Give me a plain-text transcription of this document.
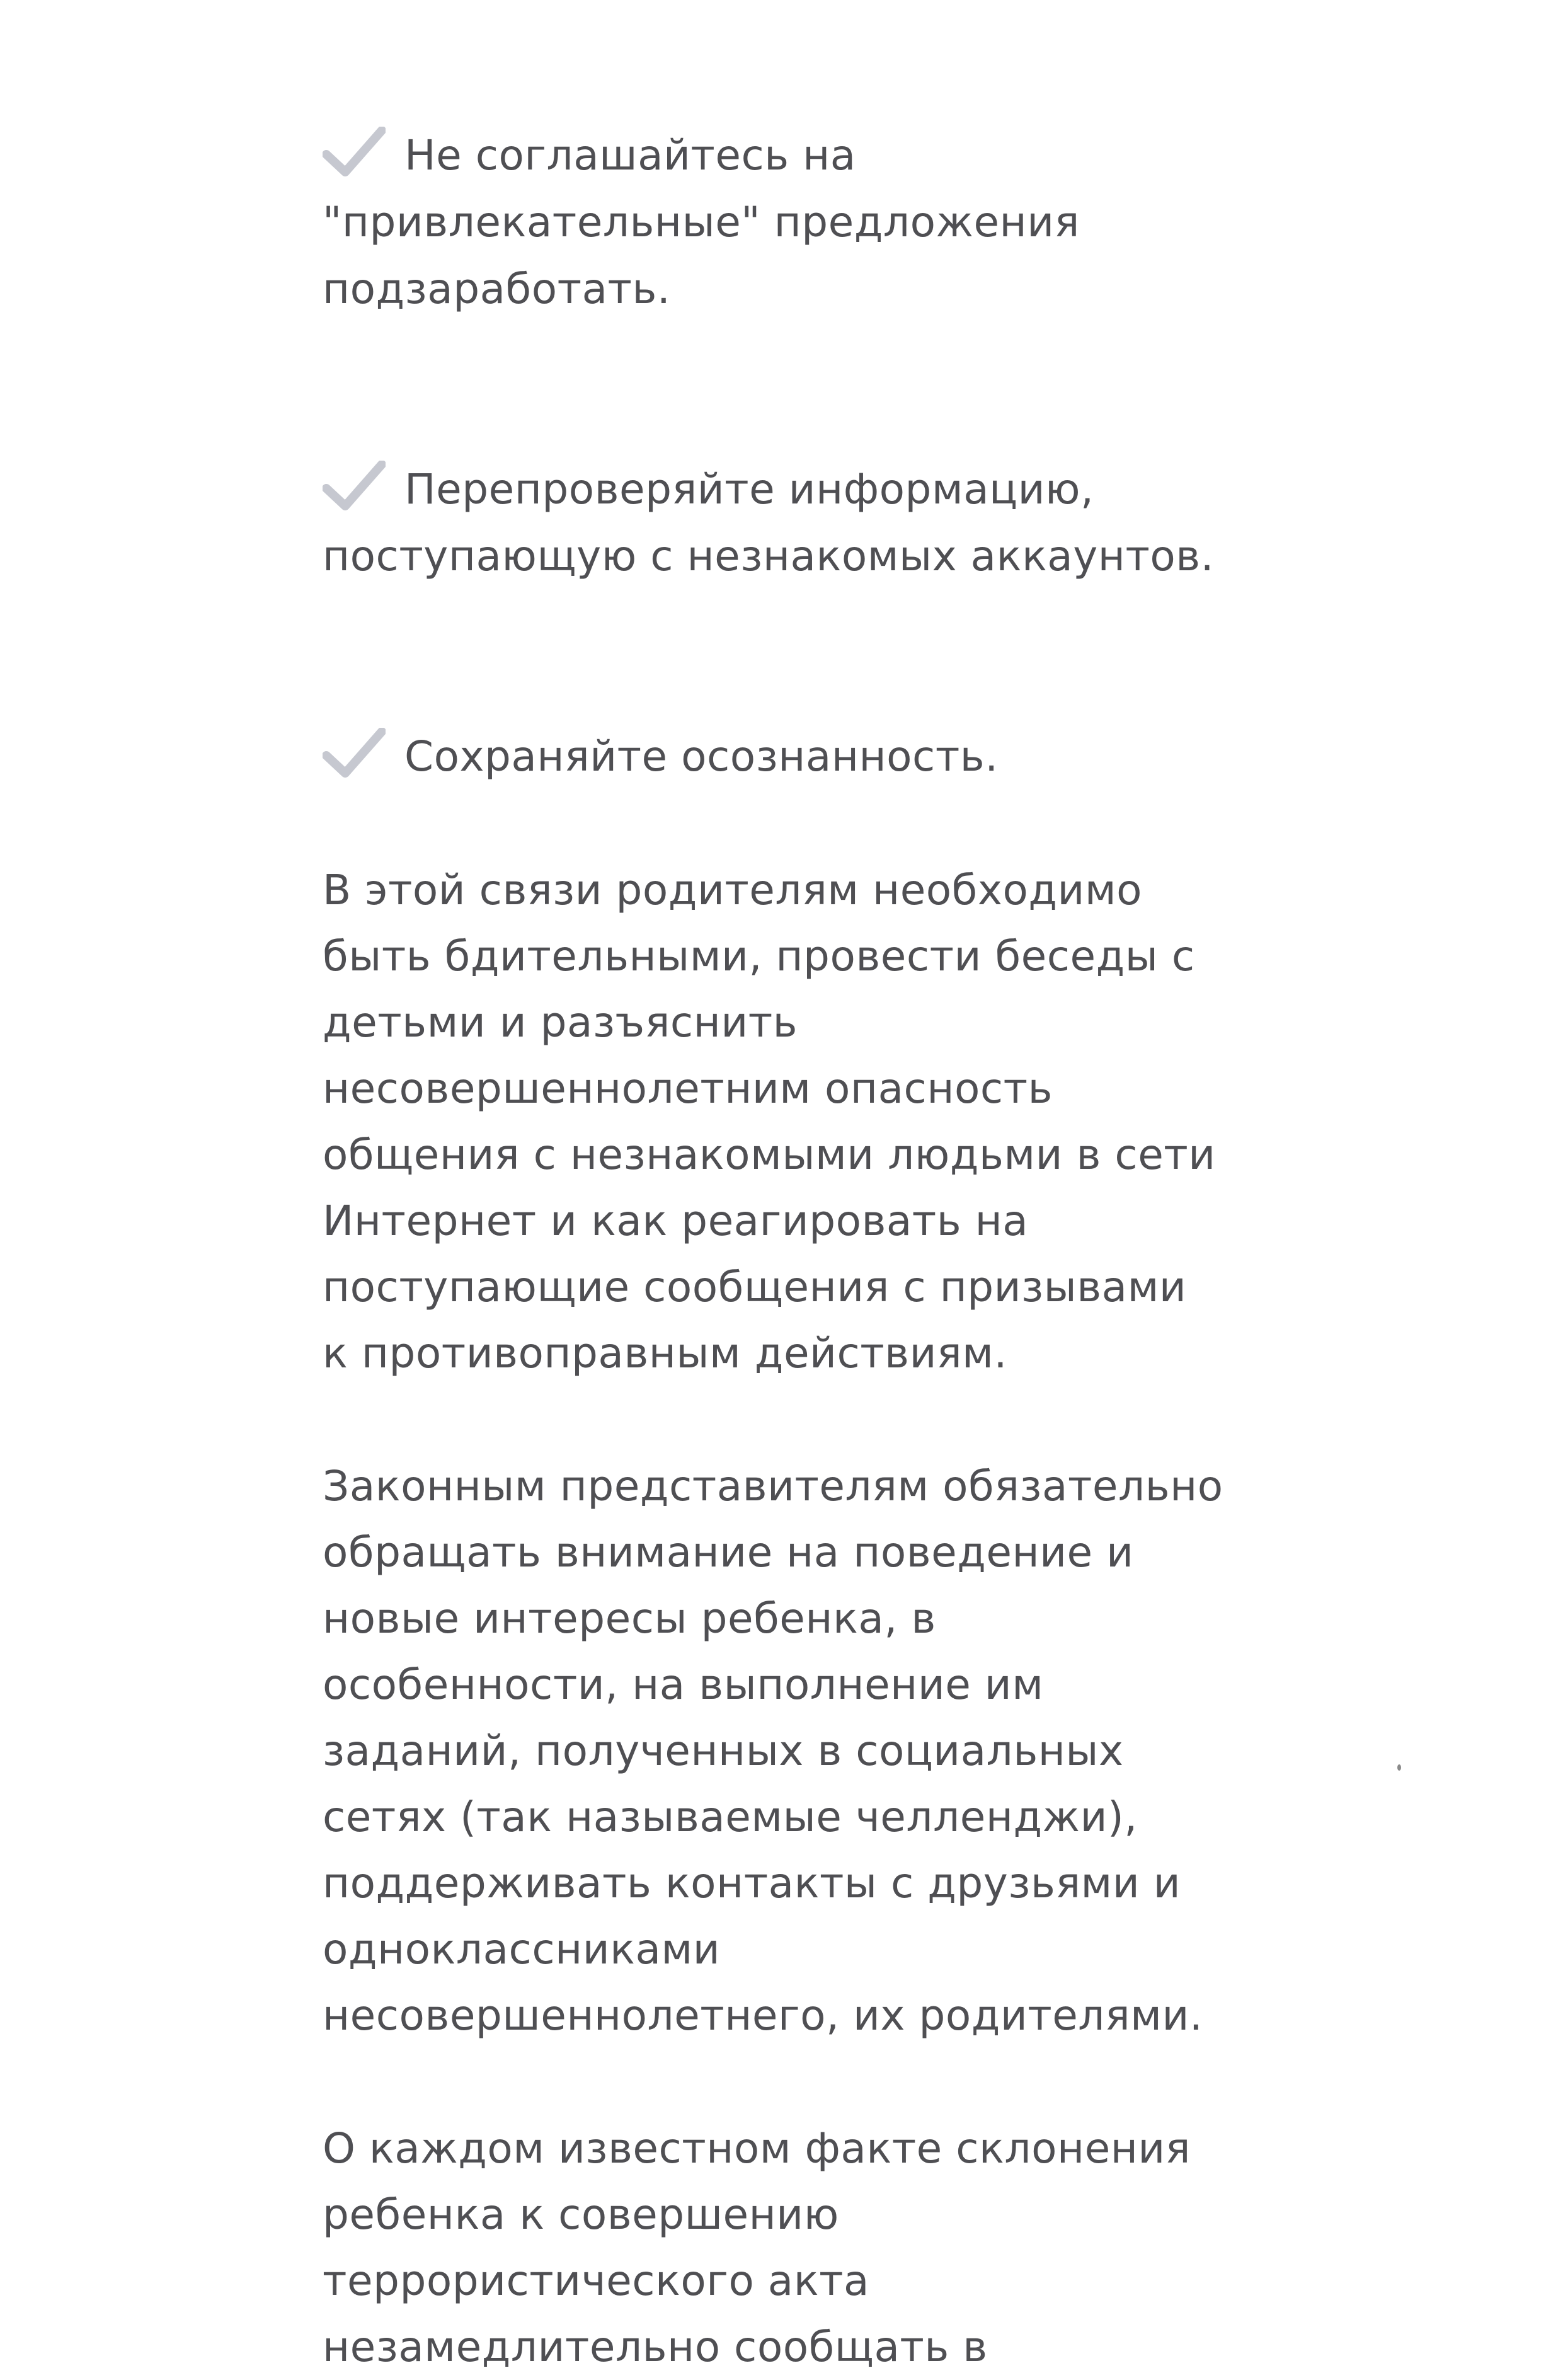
Не соглашайтесь на
"привлекательные" предложения
подзаработать.

Перепроверяйте информацию,
поступающую с незнакомых аккаунтов.

Сохраняйте осознанность.

В этой связи родителям необходимо
быть бдительными, провести беседы с
детьми и разъяснить
несовершеннолетним опасность
общения с незнакомыми людьми в сети
Интернет и как реагировать на
поступающие сообщения с призывами
к противоправным действиям.
Законным представителям обязательно
обращать внимание на поведение и
новые интересы ребенка, в
особенности, на выполнение им
заданий, полученных в социальных
сетях (так называемые челленджи),
поддерживать контакты с друзьями и
одноклассниками
несовершеннолетнего, их родителями.
О каждом известном факте склонения
ребенка к совершению
террористического акта
незамедлительно сообщать в
